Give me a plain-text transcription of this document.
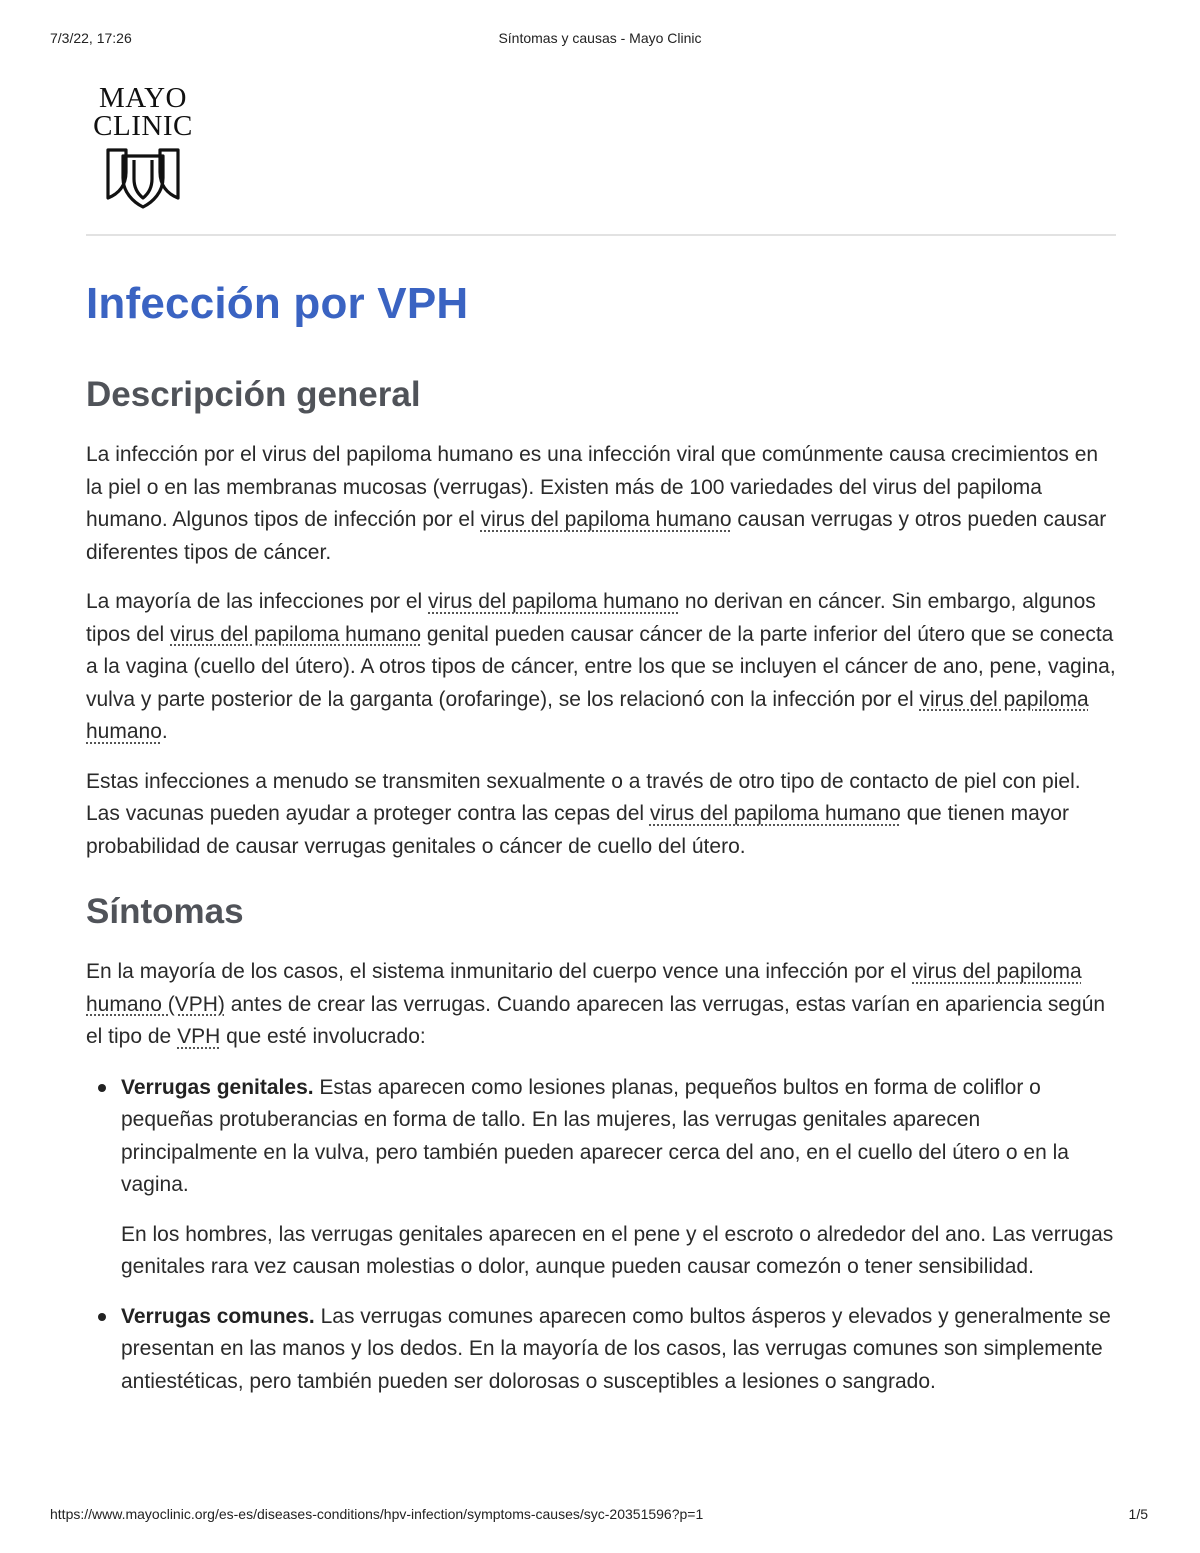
7/3/22, 17:26	Síntomas y causas - Mayo Clinic
MAYO
CLINIC
Infección por VPH
Descripción general

La infección por el virus del papiloma humano es una infección viral que comúnmente causa crecimientos en la piel o en las membranas mucosas (verrugas). Existen más de 100 variedades del virus del papiloma humano. Algunos tipos de infección por el virus del papiloma humano causan verrugas y otros pueden causar diferentes tipos de cáncer.

La mayoría de las infecciones por el virus del papiloma humano no derivan en cáncer. Sin embargo, algunos tipos del virus del papiloma humano genital pueden causar cáncer de la parte inferior del útero que se conecta a la vagina (cuello del útero). A otros tipos de cáncer, entre los que se incluyen el cáncer de ano, pene, vagina, vulva y parte posterior de la garganta (orofaringe), se los relacionó con la infección por el virus del papiloma humano.

Estas infecciones a menudo se transmiten sexualmente o a través de otro tipo de contacto de piel con piel. Las vacunas pueden ayudar a proteger contra las cepas del virus del papiloma humano que tienen mayor probabilidad de causar verrugas genitales o cáncer de cuello del útero.

Síntomas

En la mayoría de los casos, el sistema inmunitario del cuerpo vence una infección por el virus del papiloma humano (VPH) antes de crear las verrugas. Cuando aparecen las verrugas, estas varían en apariencia según el tipo de VPH que esté involucrado:

Verrugas genitales. Estas aparecen como lesiones planas, pequeños bultos en forma de coliflor o pequeñas protuberancias en forma de tallo. En las mujeres, las verrugas genitales aparecen principalmente en la vulva, pero también pueden aparecer cerca del ano, en el cuello del útero o en la vagina.

En los hombres, las verrugas genitales aparecen en el pene y el escroto o alrededor del ano. Las verrugas genitales rara vez causan molestias o dolor, aunque pueden causar comezón o tener sensibilidad.

Verrugas comunes. Las verrugas comunes aparecen como bultos ásperos y elevados y generalmente se presentan en las manos y los dedos. En la mayoría de los casos, las verrugas comunes son simplemente antiestéticas, pero también pueden ser dolorosas o susceptibles a lesiones o sangrado.

https://www.mayoclinic.org/es-es/diseases-conditions/hpv-infection/symptoms-causes/syc-20351596?p=1	1/5
